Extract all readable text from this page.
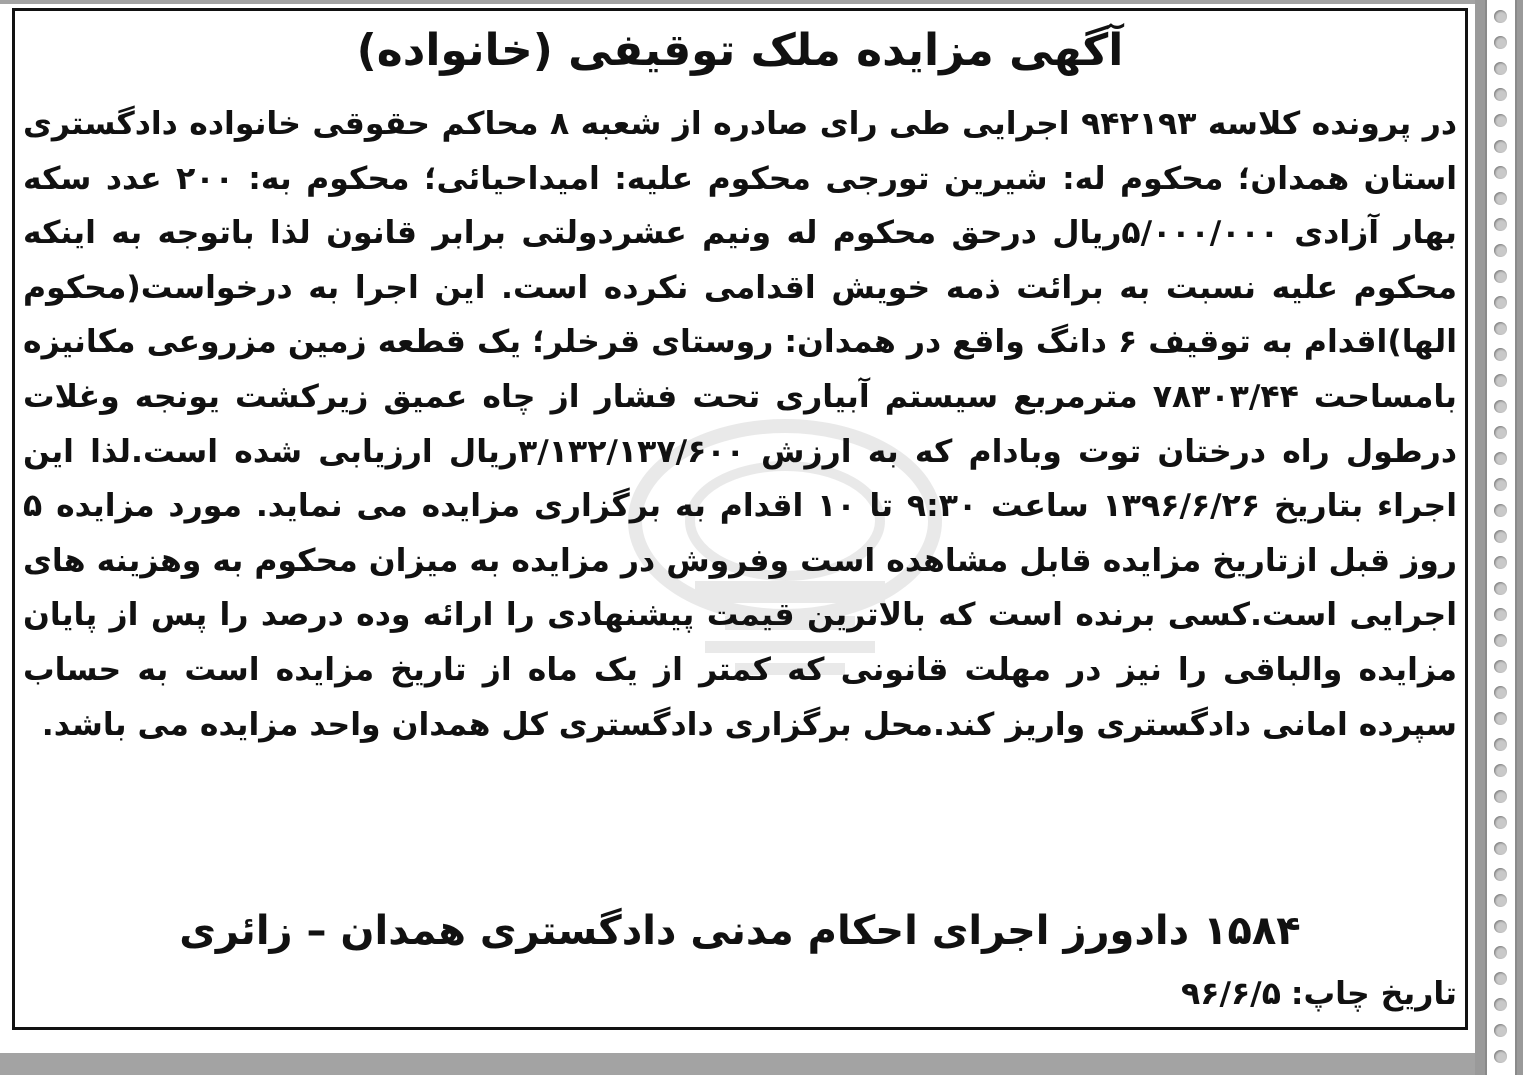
آگهی مزایده ملک توقیفی (خانواده)

در پرونده کلاسه ۹۴۲۱۹۳ اجرایی طی رای صادره از شعبه ۸ محاکم حقوقی خانواده دادگستری استان همدان؛ محکوم له: شیرین تورجی محکوم علیه: امیداحیائی؛ محکوم به: ۲۰۰ عدد سکه بهار آزادی ۵/۰۰۰/۰۰۰ریال درحق محکوم له ونیم عشردولتی برابر قانون لذا باتوجه به اینکه محکوم علیه نسبت به برائت ذمه خویش اقدامی نکرده است. این اجرا به درخواست(محکوم الها)اقدام به توقیف ۶ دانگ واقع در همدان: روستای قرخلر؛ یک قطعه زمین مزروعی مکانیزه بامساحت ۷۸۳۰۳/۴۴ مترمربع سیستم آبیاری تحت فشار از چاه عمیق زیرکشت یونجه وغلات درطول راه درختان توت وبادام که به ارزش ۳/۱۳۲/۱۳۷/۶۰۰ریال ارزیابی شده است.لذا این اجراء بتاریخ ۱۳۹۶/۶/۲۶ ساعت ۹:۳۰ تا ۱۰ اقدام به برگزاری مزایده می نماید. مورد مزایده ۵ روز قبل ازتاریخ مزایده قابل مشاهده است وفروش در مزایده به میزان محکوم به وهزینه های اجرایی است.کسی برنده است که بالاترین قیمت پیشنهادی را ارائه وده درصد را پس از پایان مزایده والباقی را نیز در مهلت قانونی که کمتر از یک ماه از تاریخ مزایده است به حساب سپرده امانی دادگستری واریز کند.محل برگزاری دادگستری کل همدان واحد مزایده می باشد.

۱۵۸۴ دادورز اجرای احکام مدنی دادگستری همدان – زائری
تاریخ چاپ:۹۶/۶/۵
